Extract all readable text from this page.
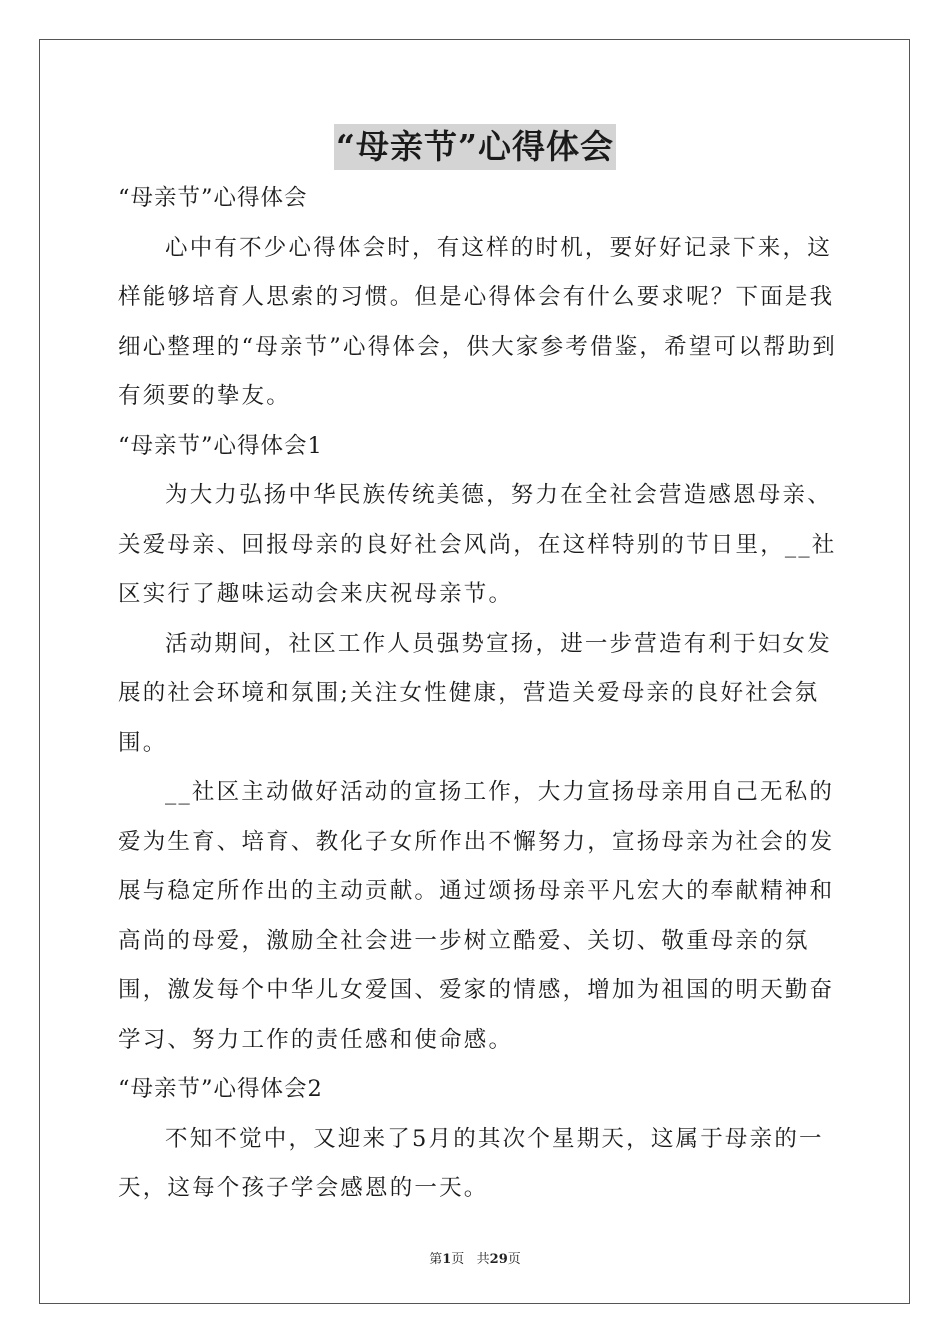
“母亲节”心得体会

“母亲节”心得体会

心中有不少心得体会时，有这样的时机，要好好记录下来，这样能够培育人思索的习惯。但是心得体会有什么要求呢？下面是我细心整理的“母亲节”心得体会，供大家参考借鉴，希望可以帮助到有须要的挚友。

“母亲节”心得体会1

为大力弘扬中华民族传统美德，努力在全社会营造感恩母亲、关爱母亲、回报母亲的良好社会风尚，在这样特别的节日里，__社区实行了趣味运动会来庆祝母亲节。

活动期间，社区工作人员强势宣扬，进一步营造有利于妇女发展的社会环境和氛围;关注女性健康，营造关爱母亲的良好社会氛围。

__社区主动做好活动的宣扬工作，大力宣扬母亲用自己无私的爱为生育、培育、教化子女所作出不懈努力，宣扬母亲为社会的发展与稳定所作出的主动贡献。通过颂扬母亲平凡宏大的奉献精神和高尚的母爱，激励全社会进一步树立酷爱、关切、敬重母亲的氛围，激发每个中华儿女爱国、爱家的情感，增加为祖国的明天勤奋学习、努力工作的责任感和使命感。

“母亲节”心得体会2

不知不觉中，又迎来了5月的其次个星期天，这属于母亲的一天，这每个孩子学会感恩的一天。

第1页   共29页
